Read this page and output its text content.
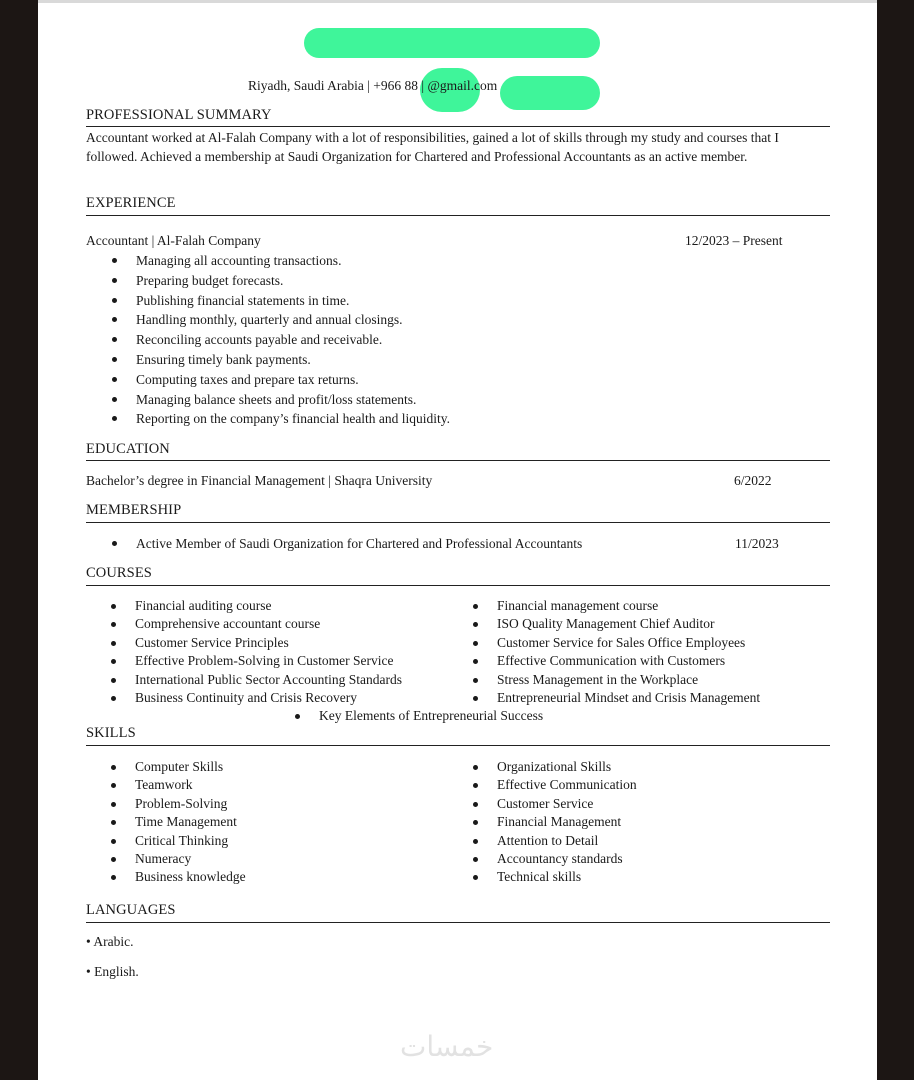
Riyadh, Saudi Arabia | +966 88 | @gmail.com
PROFESSIONAL SUMMARY
Accountant worked at Al-Falah Company with a lot of responsibilities, gained a lot of skills through my study and courses that I followed. Achieved a membership at Saudi Organization for Chartered and Professional Accountants as an active member.
EXPERIENCE
Accountant | Al-Falah Company	12/2023 – Present
Managing all accounting transactions.
Preparing budget forecasts.
Publishing financial statements in time.
Handling monthly, quarterly and annual closings.
Reconciling accounts payable and receivable.
Ensuring timely bank payments.
Computing taxes and prepare tax returns.
Managing balance sheets and profit/loss statements.
Reporting on the company’s financial health and liquidity.
EDUCATION
Bachelor’s degree in Financial Management | Shaqra University	6/2022
MEMBERSHIP
Active Member of Saudi Organization for Chartered and Professional Accountants	11/2023
COURSES
Financial auditing course
Comprehensive accountant course
Customer Service Principles
Effective Problem-Solving in Customer Service
International Public Sector Accounting Standards
Business Continuity and Crisis Recovery
Financial management course
ISO Quality Management Chief Auditor
Customer Service for Sales Office Employees
Effective Communication with Customers
Stress Management in the Workplace
Entrepreneurial Mindset and Crisis Management
Key Elements of Entrepreneurial Success
SKILLS
Computer Skills
Teamwork
Problem-Solving
Time Management
Critical Thinking
Numeracy
Business knowledge
Organizational Skills
Effective Communication
Customer Service
Financial Management
Attention to Detail
Accountancy standards
Technical skills
LANGUAGES
• Arabic.
• English.
خمسات
